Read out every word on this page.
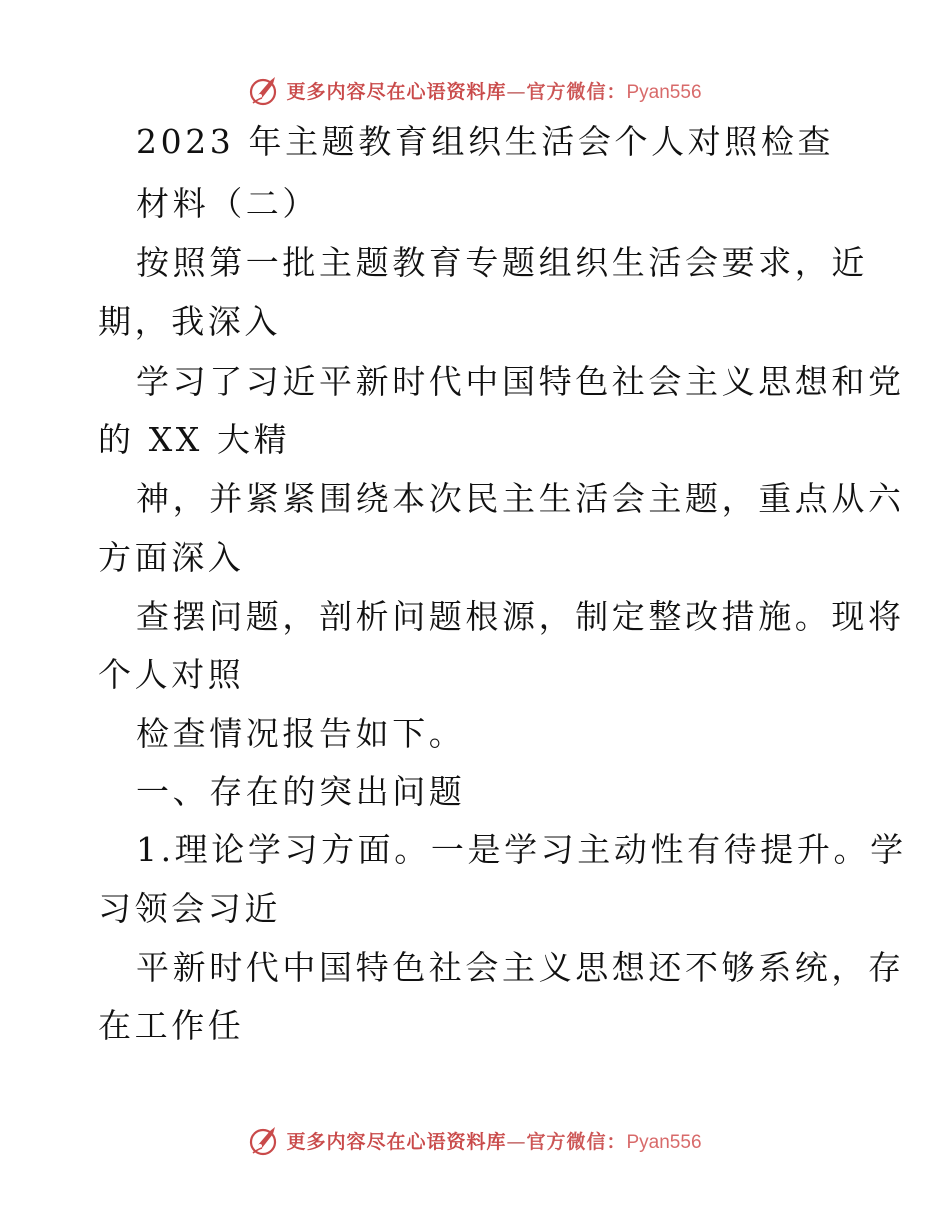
更多内容尽在心语资料库—官方微信：Pyan556
2023 年主题教育组织生活会个人对照检查
材料（二）
按照第一批主题教育专题组织生活会要求，近
期，我深入
学习了习近平新时代中国特色社会主义思想和党
的 XX 大精
神，并紧紧围绕本次民主生活会主题，重点从六
方面深入
查摆问题，剖析问题根源，制定整改措施。现将
个人对照
检查情况报告如下。
一、存在的突出问题
1.理论学习方面。一是学习主动性有待提升。学
习领会习近
平新时代中国特色社会主义思想还不够系统，存
在工作任
更多内容尽在心语资料库—官方微信：Pyan556
